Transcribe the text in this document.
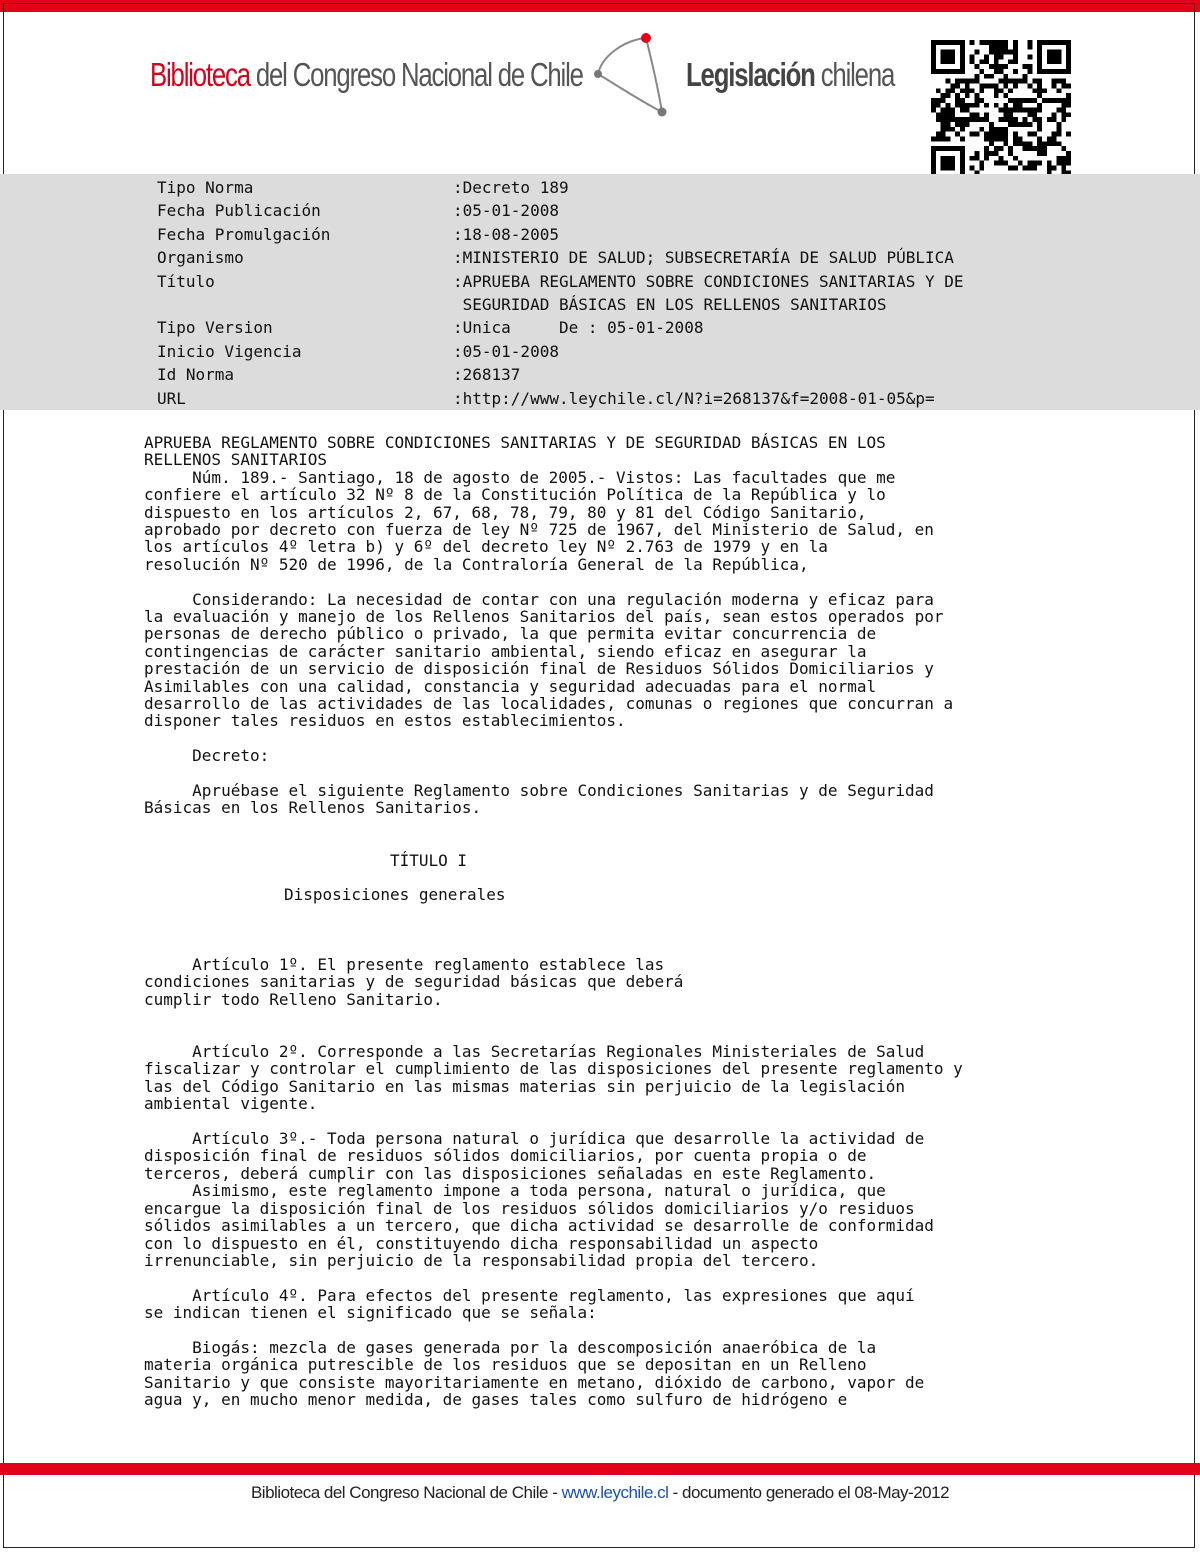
Biblioteca del Congreso Nacional de Chile	Legislación chilena
Tipo Norma	:Decreto 189
Fecha Publicación	:05-01-2008
Fecha Promulgación	:18-08-2005
Organismo	:MINISTERIO DE SALUD; SUBSECRETARÍA DE SALUD PÚBLICA
Título	:APRUEBA REGLAMENTO SOBRE CONDICIONES SANITARIAS Y DE
SEGURIDAD BÁSICAS EN LOS RELLENOS SANITARIOS
Tipo Version	:Unica     De : 05-01-2008
Inicio Vigencia	:05-01-2008
Id Norma	:268137
URL	:http://www.leychile.cl/N?i=268137&f=2008-01-05&p=
APRUEBA REGLAMENTO SOBRE CONDICIONES SANITARIAS Y DE SEGURIDAD BÁSICAS EN LOS
RELLENOS SANITARIOS
Núm. 189.- Santiago, 18 de agosto de 2005.- Vistos: Las facultades que me
confiere el artículo 32 Nº 8 de la Constitución Política de la República y lo
dispuesto en los artículos 2, 67, 68, 78, 79, 80 y 81 del Código Sanitario,
aprobado por decreto con fuerza de ley Nº 725 de 1967, del Ministerio de Salud, en
los artículos 4º letra b) y 6º del decreto ley Nº 2.763 de 1979 y en la
resolución Nº 520 de 1996, de la Contraloría General de la República,
Considerando: La necesidad de contar con una regulación moderna y eficaz para
la evaluación y manejo de los Rellenos Sanitarios del país, sean estos operados por
personas de derecho público o privado, la que permita evitar concurrencia de
contingencias de carácter sanitario ambiental, siendo eficaz en asegurar la
prestación de un servicio de disposición final de Residuos Sólidos Domiciliarios y
Asimilables con una calidad, constancia y seguridad adecuadas para el normal
desarrollo de las actividades de las localidades, comunas o regiones que concurran a
disponer tales residuos en estos establecimientos.
Decreto:
Apruébase el siguiente Reglamento sobre Condiciones Sanitarias y de Seguridad
Básicas en los Rellenos Sanitarios.
TÍTULO I
Disposiciones generales
Artículo 1º. El presente reglamento establece las
condiciones sanitarias y de seguridad básicas que deberá
cumplir todo Relleno Sanitario.
Artículo 2º. Corresponde a las Secretarías Regionales Ministeriales de Salud
fiscalizar y controlar el cumplimiento de las disposiciones del presente reglamento y
las del Código Sanitario en las mismas materias sin perjuicio de la legislación
ambiental vigente.
Artículo 3º.- Toda persona natural o jurídica que desarrolle la actividad de
disposición final de residuos sólidos domiciliarios, por cuenta propia o de
terceros, deberá cumplir con las disposiciones señaladas en este Reglamento.
Asimismo, este reglamento impone a toda persona, natural o jurídica, que
encargue la disposición final de los residuos sólidos domiciliarios y/o residuos
sólidos asimilables a un tercero, que dicha actividad se desarrolle de conformidad
con lo dispuesto en él, constituyendo dicha responsabilidad un aspecto
irrenunciable, sin perjuicio de la responsabilidad propia del tercero.
Artículo 4º. Para efectos del presente reglamento, las expresiones que aquí
se indican tienen el significado que se señala:
Biogás: mezcla de gases generada por la descomposición anaeróbica de la
materia orgánica putrescible de los residuos que se depositan en un Relleno
Sanitario y que consiste mayoritariamente en metano, dióxido de carbono, vapor de
agua y, en mucho menor medida, de gases tales como sulfuro de hidrógeno e
Biblioteca del Congreso Nacional de Chile - www.leychile.cl - documento generado el 08-May-2012
